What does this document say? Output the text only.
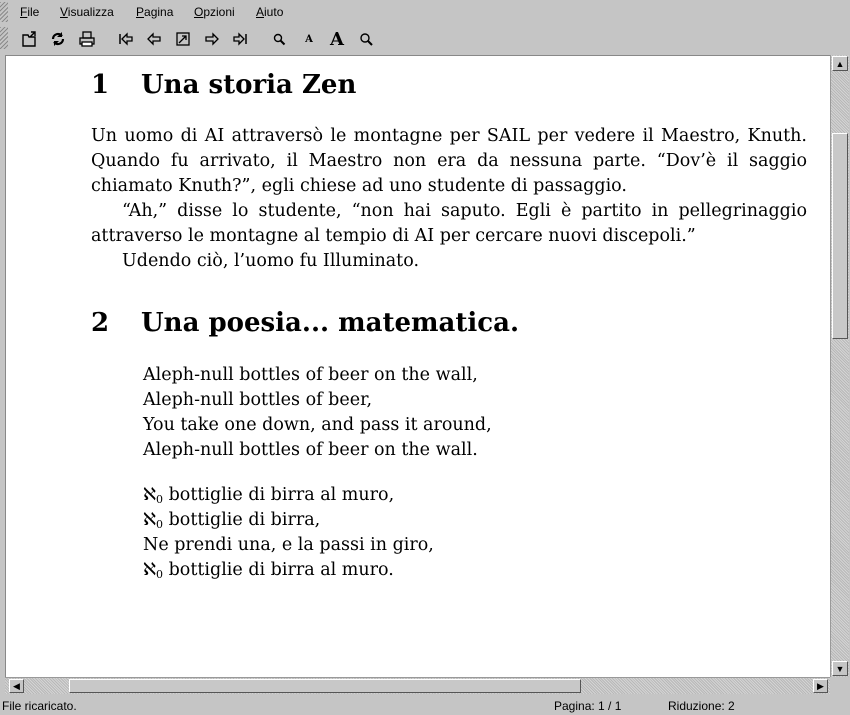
File Visualizza Pagina Opzioni Aiuto
A A
1 Una storia Zen

Un uomo di AI attraversò le montagne per SAIL per vedere il Maestro, Knuth.
Quando fu arrivato, il Maestro non era da nessuna parte. “Dov’è il saggio
chiamato Knuth?”, egli chiese ad uno studente di passaggio.

“Ah,” disse lo studente, “non hai saputo. Egli è partito in pellegrinaggio
attraverso le montagne al tempio di AI per cercare nuovi discepoli.”

Udendo ciò, l’uomo fu Illuminato.

2 Una poesia... matematica.
Aleph-null bottles of beer on the wall,
Aleph-null bottles of beer,
You take one down, and pass it around,
Aleph-null bottles of beer on the wall.
ℵ$_0$ bottiglie di birra al muro,
ℵ$_0$ bottiglie di birra,
Ne prendi una, e la passi in giro,
ℵ$_0$ bottiglie di birra al muro.
▲
▼
◀	▶
File ricaricato.	Pagina: 1 / 1	Riduzione: 2
